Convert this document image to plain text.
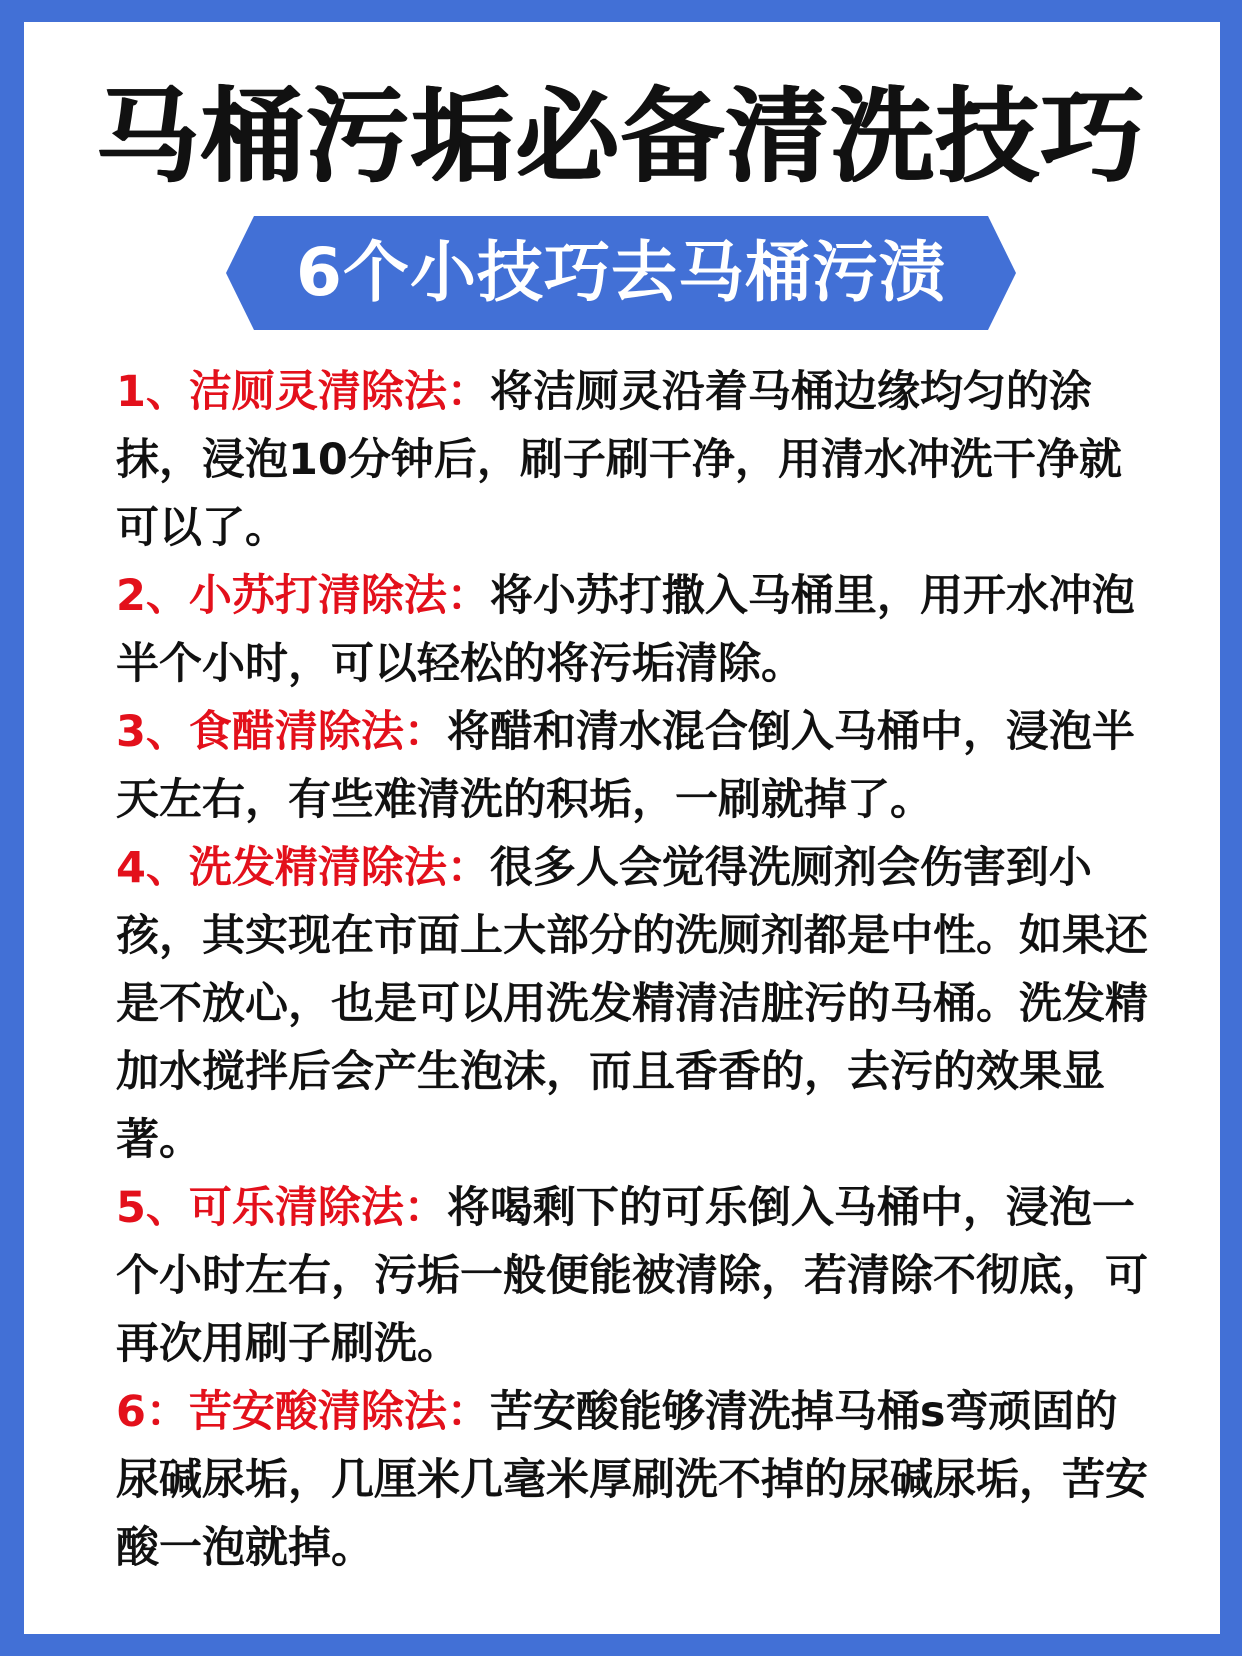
马桶污垢必备清洗技巧
6个小技巧去马桶污渍
1、洁厕灵清除法：将洁厕灵沿着马桶边缘均匀的涂抹，浸泡10分钟后，刷子刷干净，用清水冲洗干净就可以了。
2、小苏打清除法：将小苏打撒入马桶里，用开水冲泡半个小时，可以轻松的将污垢清除。
3、食醋清除法：将醋和清水混合倒入马桶中，浸泡半天左右，有些难清洗的积垢，一刷就掉了。
4、洗发精清除法：很多人会觉得洗厕剂会伤害到小孩，其实现在市面上大部分的洗厕剂都是中性。如果还是不放心，也是可以用洗发精清洁脏污的马桶。洗发精加水搅拌后会产生泡沫，而且香香的，去污的效果显著。
5、可乐清除法：将喝剩下的可乐倒入马桶中，浸泡一个小时左右，污垢一般便能被清除，若清除不彻底，可再次用刷子刷洗。
6：苦安酸清除法：苦安酸能够清洗掉马桶s弯顽固的尿碱尿垢，几厘米几毫米厚刷洗不掉的尿碱尿垢，苦安酸一泡就掉。
